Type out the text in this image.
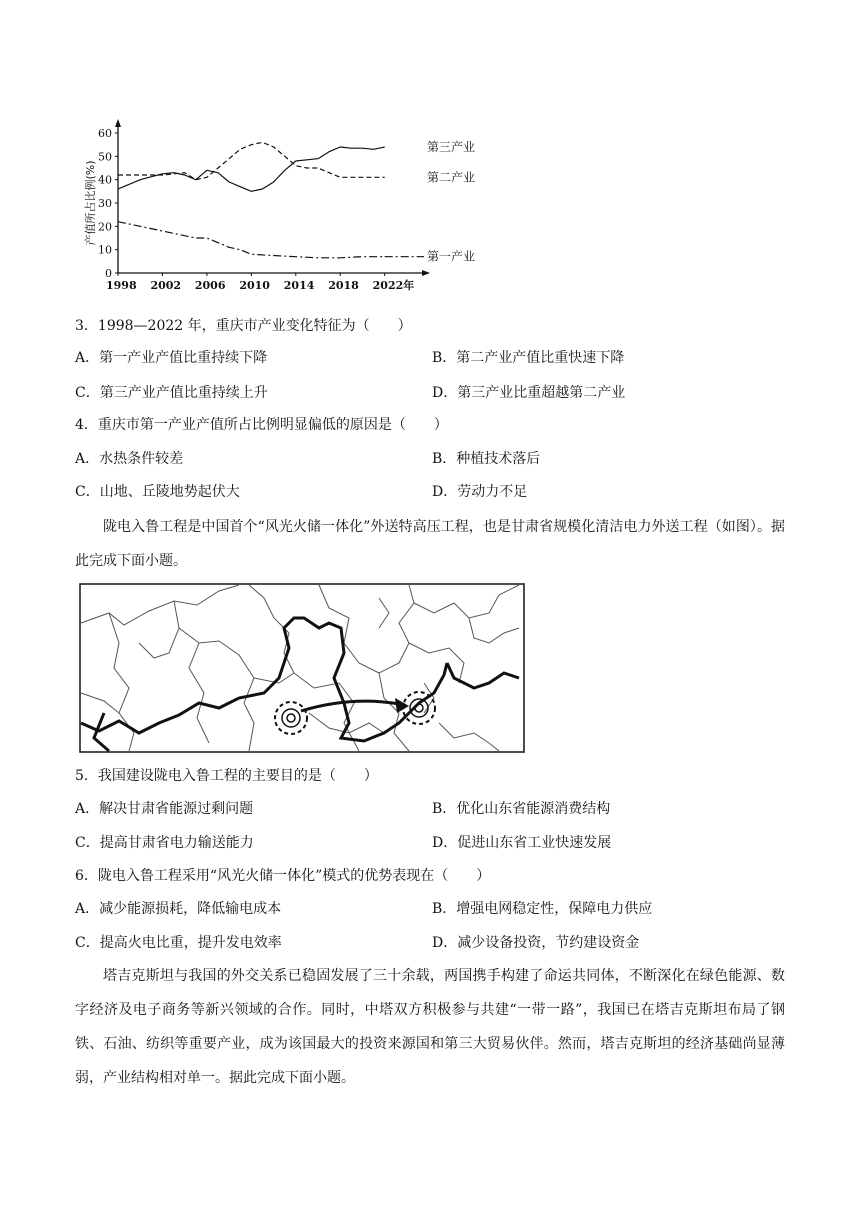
0
10
20
30
40
50
60
1998 2002 2006 2010 2014 2018 2022年
产值所占比例(%)
第三产业
第二产业
第一产业
3．1998—2022 年，重庆市产业变化特征为（　　）
A．第一产业产值比重持续下降	B．第二产业产值比重快速下降
C．第三产业产值比重持续上升	D．第三产业比重超越第二产业
4．重庆市第一产业产值所占比例明显偏低的原因是（　　）
A．水热条件较差	B．种植技术落后
C．山地、丘陵地势起伏大	D．劳动力不足
陇电入鲁工程是中国首个“风光火储一体化”外送特高压工程，也是甘肃省规模化清洁电力外送工程（如图）。据此完成下面小题。
5．我国建设陇电入鲁工程的主要目的是（　　）
A．解决甘肃省能源过剩问题	B．优化山东省能源消费结构
C．提高甘肃省电力输送能力	D．促进山东省工业快速发展
6．陇电入鲁工程采用“风光火储一体化”模式的优势表现在（　　）
A．减少能源损耗，降低输电成本	B．增强电网稳定性，保障电力供应
C．提高火电比重，提升发电效率	D．减少设备投资，节约建设资金
塔吉克斯坦与我国的外交关系已稳固发展了三十余载，两国携手构建了命运共同体，不断深化在绿色能源、数字经济及电子商务等新兴领域的合作。同时，中塔双方积极参与共建“一带一路”，我国已在塔吉克斯坦布局了钢铁、石油、纺织等重要产业，成为该国最大的投资来源国和第三大贸易伙伴。然而，塔吉克斯坦的经济基础尚显薄弱，产业结构相对单一。据此完成下面小题。
